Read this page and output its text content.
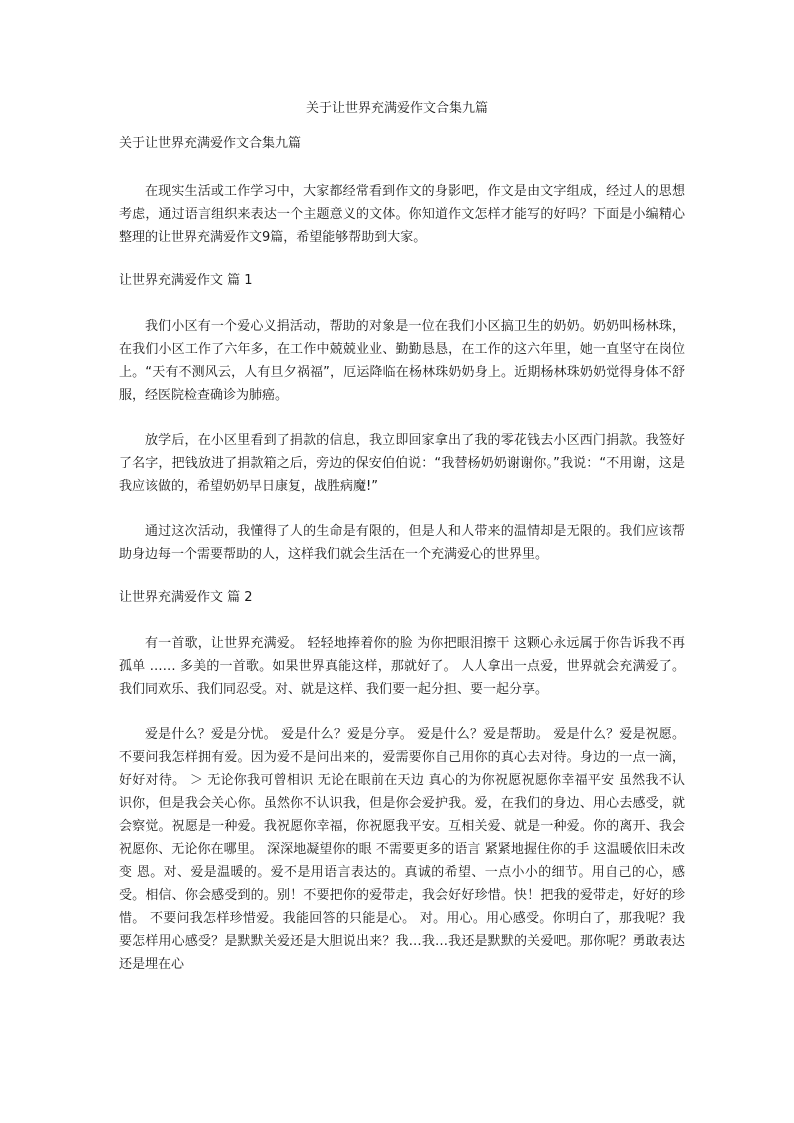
关于让世界充满爱作文合集九篇
关于让世界充满爱作文合集九篇

在现实生活或工作学习中，大家都经常看到作文的身影吧，作文是由文字组成，经过人的思想考虑，通过语言组织来表达一个主题意义的文体。你知道作文怎样才能写的好吗？下面是小编精心整理的让世界充满爱作文9篇，希望能够帮助到大家。

让世界充满爱作文 篇 1

我们小区有一个爱心义捐活动，帮助的对象是一位在我们小区搞卫生的奶奶。奶奶叫杨林珠，在我们小区工作了六年多，在工作中兢兢业业、勤勤恳恳，在工作的这六年里，她一直坚守在岗位上。“天有不测风云，人有旦夕祸福”，厄运降临在杨林珠奶奶身上。近期杨林珠奶奶觉得身体不舒服，经医院检查确诊为肺癌。

放学后，在小区里看到了捐款的信息，我立即回家拿出了我的零花钱去小区西门捐款。我签好了名字，把钱放进了捐款箱之后，旁边的保安伯伯说：“我替杨奶奶谢谢你。”我说：“不用谢，这是我应该做的，希望奶奶早日康复，战胜病魔!”

通过这次活动，我懂得了人的生命是有限的，但是人和人带来的温情却是无限的。我们应该帮助身边每一个需要帮助的人，这样我们就会生活在一个充满爱心的世界里。

让世界充满爱作文 篇 2

有一首歌，让世界充满爱。 轻轻地捧着你的脸 为你把眼泪擦干 这颗心永远属于你告诉我不再孤单 …… 多美的一首歌。如果世界真能这样，那就好了。 人人拿出一点爱，世界就会充满爱了。我们同欢乐、我们同忍受。对、就是这样、我们要一起分担、要一起分享。

爱是什么？爱是分忧。 爱是什么？爱是分享。 爱是什么？爱是帮助。 爱是什么？爱是祝愿。 不要问我怎样拥有爱。因为爱不是问出来的，爱需要你自己用你的真心去对待。身边的一点一滴，好好对待。 ＞ 无论你我可曾相识 无论在眼前在天边 真心的为你祝愿祝愿你幸福平安 虽然我不认识你，但是我会关心你。虽然你不认识我，但是你会爱护我。爱，在我们的身边、用心去感受，就会察觉。祝愿是一种爱。我祝愿你幸福，你祝愿我平安。互相关爱、就是一种爱。你的离开、我会祝愿你、无论你在哪里。 深深地凝望你的眼 不需要更多的语言 紧紧地握住你的手 这温暖依旧未改变 恩。对、爱是温暖的。爱不是用语言表达的。真诚的希望、一点小小的细节。用自己的心，感受。相信、你会感受到的。别！不要把你的爱带走，我会好好珍惜。快！把我的爱带走，好好的珍惜。 不要问我怎样珍惜爱。我能回答的只能是心。 对。用心。用心感受。你明白了，那我呢？我要怎样用心感受？是默默关爱还是大胆说出来？我…我…我还是默默的关爱吧。那你呢？勇敢表达还是埋在心
